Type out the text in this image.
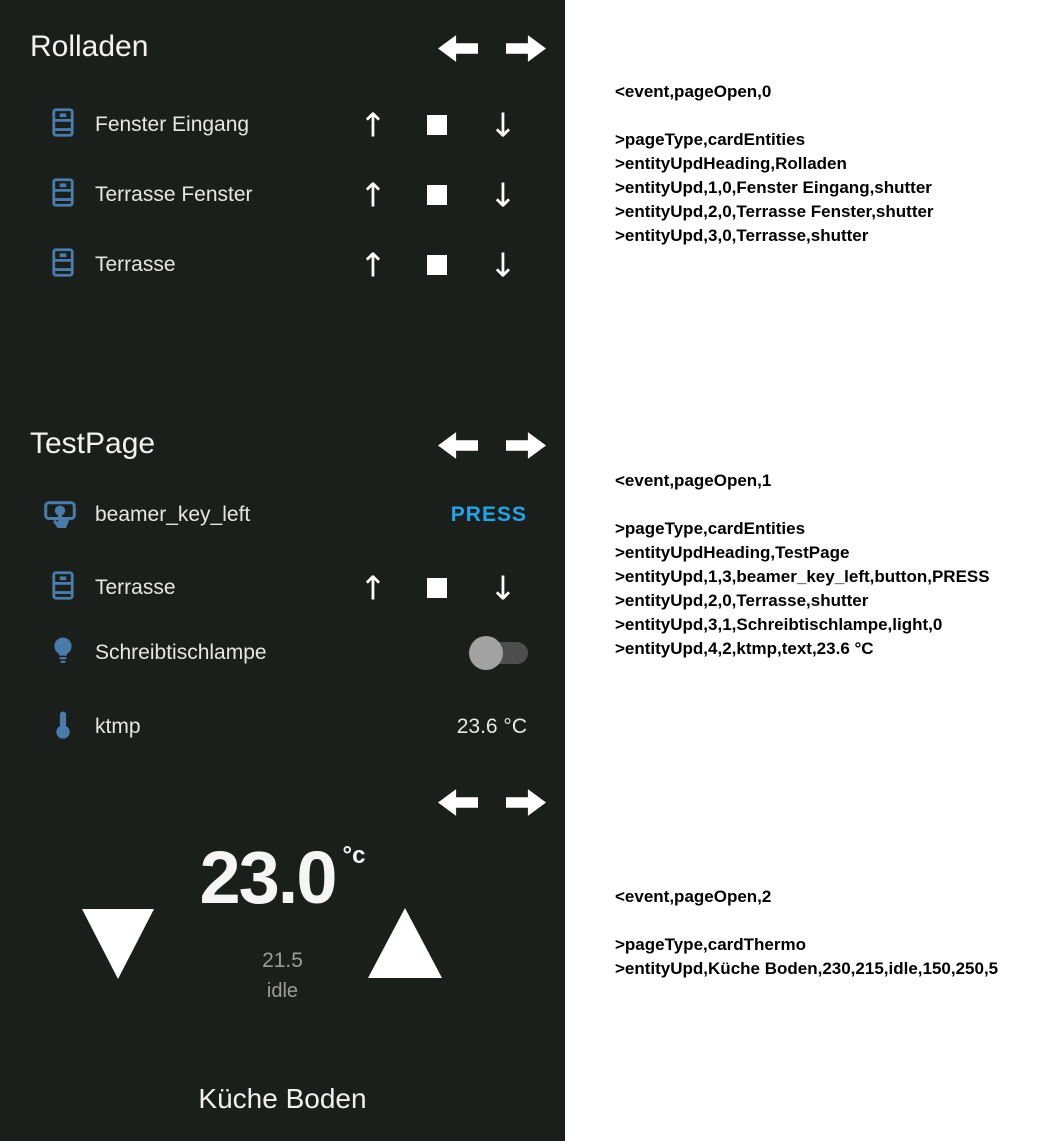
Rolladen
Fenster Eingang	↑	↓
Terrasse Fenster	↑	↓
Terrasse	↑	↓
TestPage
beamer_key_left	PRESS
Terrasse	↑	↓
Schreibtischlampe
ktmp	23.6 °C
23.0 °c
21.5
idle
Küche Boden
<event,pageOpen,0
>pageType,cardEntities
>entityUpdHeading,Rolladen
>entityUpd,1,0,Fenster Eingang,shutter
>entityUpd,2,0,Terrasse Fenster,shutter
>entityUpd,3,0,Terrasse,shutter
<event,pageOpen,1
>pageType,cardEntities
>entityUpdHeading,TestPage
>entityUpd,1,3,beamer_key_left,button,PRESS
>entityUpd,2,0,Terrasse,shutter
>entityUpd,3,1,Schreibtischlampe,light,0
>entityUpd,4,2,ktmp,text,23.6 °C
<event,pageOpen,2
>pageType,cardThermo
>entityUpd,Küche Boden,230,215,idle,150,250,5
